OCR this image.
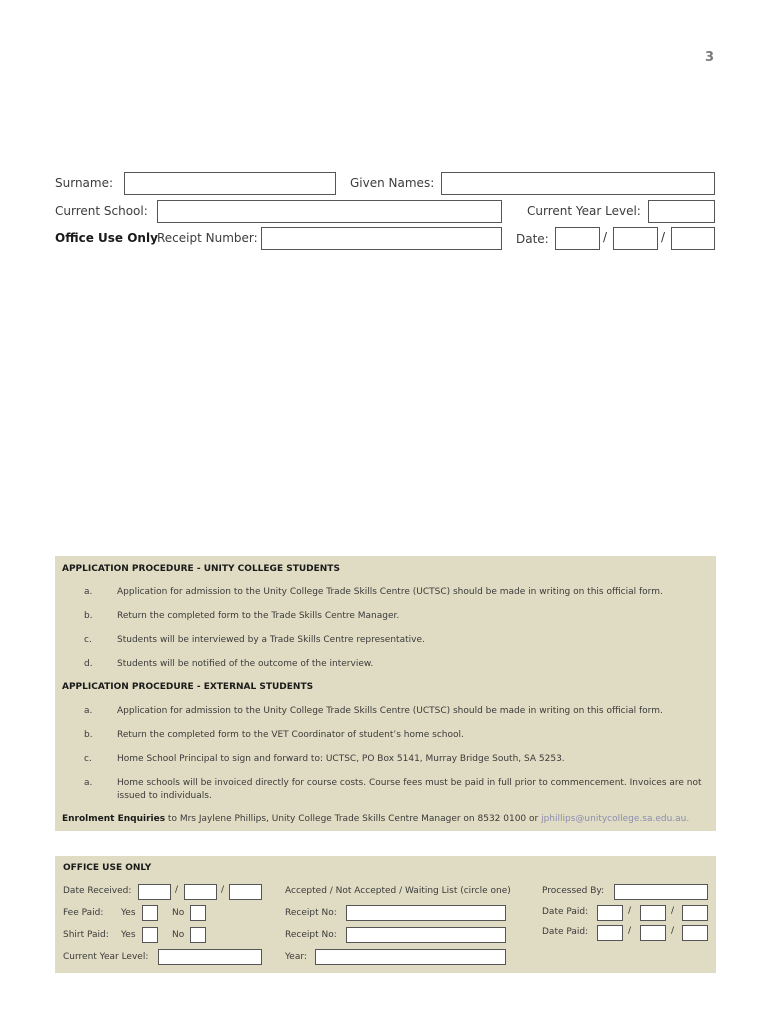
3
Surname:	Given Names:
Current School:	Current Year Level:
Office Use Only Receipt Number:	Date:	/	/
APPLICATION PROCEDURE - UNITY COLLEGE STUDENTS
a.	Application for admission to the Unity College Trade Skills Centre (UCTSC) should be made in writing on this official form.
b.	Return the completed form to the Trade Skills Centre Manager.
c.	Students will be interviewed by a Trade Skills Centre representative.
d.	Students will be notified of the outcome of the interview.
APPLICATION PROCEDURE - EXTERNAL STUDENTS
a.	Application for admission to the Unity College Trade Skills Centre (UCTSC) should be made in writing on this official form.
b.	Return the completed form to the VET Coordinator of student’s home school.
c.	Home School Principal to sign and forward to: UCTSC, PO Box 5141, Murray Bridge South, SA 5253.
a.	Home schools will be invoiced directly for course costs. Course fees must be paid in full prior to commencement. Invoices are not issued to individuals.
Enrolment Enquiries to Mrs Jaylene Phillips, Unity College Trade Skills Centre Manager on 8532 0100 or jphillips@unitycollege.sa.edu.au.
OFFICE USE ONLY
Date Received:	/	/	Accepted / Not Accepted / Waiting List (circle one)	Processed By:
Fee Paid: Yes	No	Receipt No:	Date Paid:	/	/
Shirt Paid: Yes	No	Receipt No:	Date Paid:	/	/
Current Year Level:	Year:
